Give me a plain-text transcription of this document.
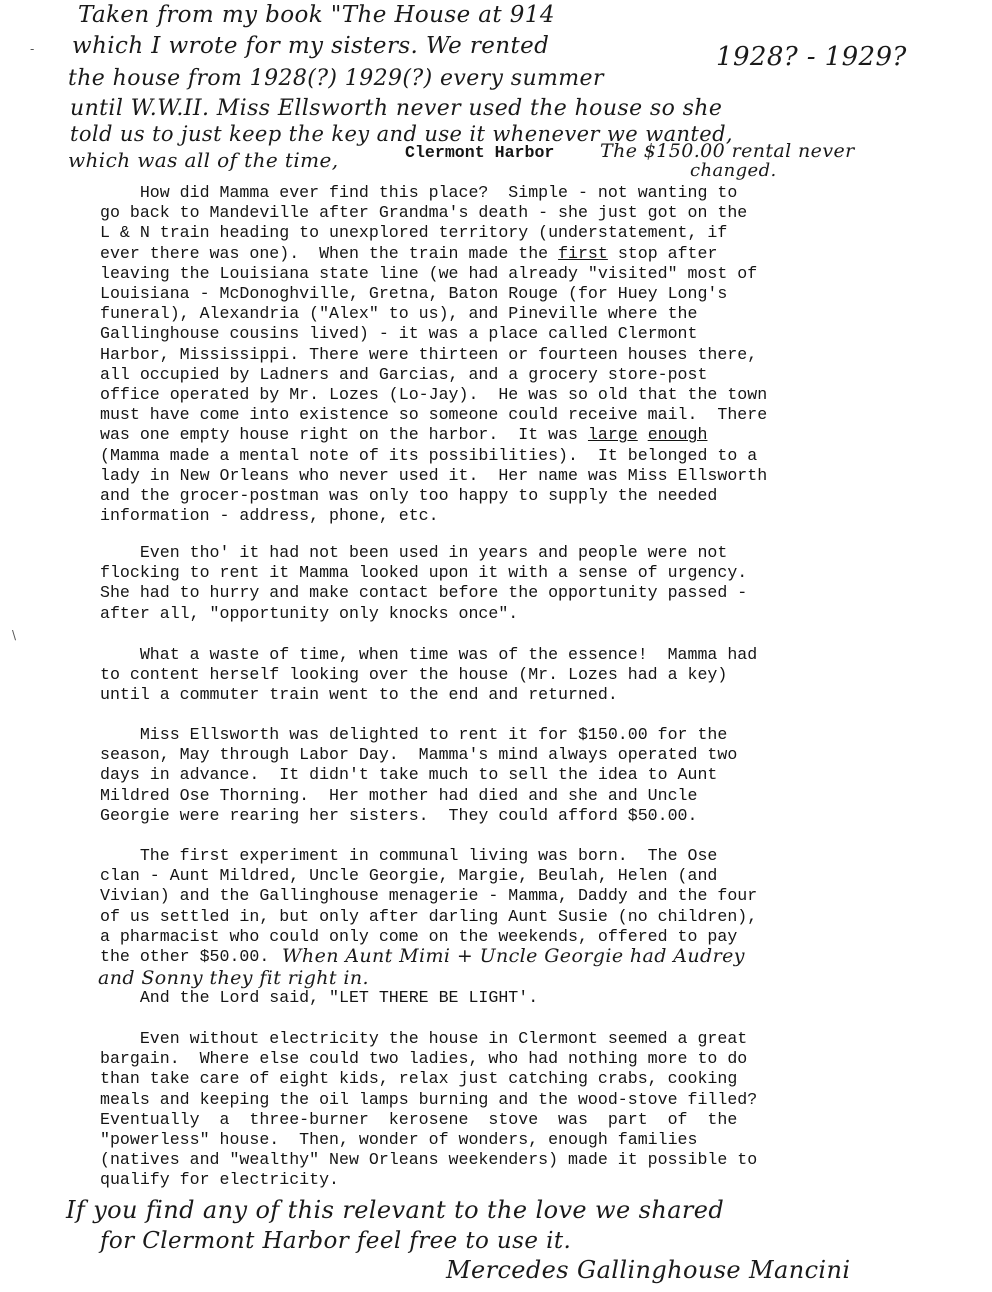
Taken from my book "The House at 914

which I wrote for my sisters. We rented	1928? - 1929?

the house from 1928(?) 1929(?) every summer

until W.W.II. Miss Ellsworth never used the house so she

told us to just keep the key and use it whenever we wanted,

which was all of the time,	The $150.00 rental never

changed.

-
\
Clermont Harbor
How did Mamma ever find this place?  Simple - not wanting to
go back to Mandeville after Grandma's death - she just got on the
L & N train heading to unexplored territory (understatement, if
ever there was one).  When the train made the first stop after
leaving the Louisiana state line (we had already "visited" most of
Louisiana - McDonoghville, Gretna, Baton Rouge (for Huey Long's
funeral), Alexandria ("Alex" to us), and Pineville where the
Gallinghouse cousins lived) - it was a place called Clermont
Harbor, Mississippi. There were thirteen or fourteen houses there,
all occupied by Ladners and Garcias, and a grocery store-post
office operated by Mr. Lozes (Lo-Jay).  He was so old that the town
must have come into existence so someone could receive mail.  There
was one empty house right on the harbor.  It was large enough
(Mamma made a mental note of its possibilities).  It belonged to a
lady in New Orleans who never used it.  Her name was Miss Ellsworth
and the grocer-postman was only too happy to supply the needed
information - address, phone, etc.
Even tho' it had not been used in years and people were not
flocking to rent it Mamma looked upon it with a sense of urgency.
She had to hurry and make contact before the opportunity passed -
after all, "opportunity only knocks once".
What a waste of time, when time was of the essence!  Mamma had
to content herself looking over the house (Mr. Lozes had a key)
until a commuter train went to the end and returned.
Miss Ellsworth was delighted to rent it for $150.00 for the
season, May through Labor Day.  Mamma's mind always operated two
days in advance.  It didn't take much to sell the idea to Aunt
Mildred Ose Thorning.  Her mother had died and she and Uncle
Georgie were rearing her sisters.  They could afford $50.00.
The first experiment in communal living was born.  The Ose
clan - Aunt Mildred, Uncle Georgie, Margie, Beulah, Helen (and
Vivian) and the Gallinghouse menagerie - Mamma, Daddy and the four
of us settled in, but only after darling Aunt Susie (no children),
a pharmacist who could only come on the weekends, offered to pay
the other $50.00. When Aunt Mimi + Uncle Georgie had Audrey

and Sonny they fit right in.

And the Lord said, "LET THERE BE LIGHT'.
Even without electricity the house in Clermont seemed a great
bargain.  Where else could two ladies, who had nothing more to do
than take care of eight kids, relax just catching crabs, cooking
meals and keeping the oil lamps burning and the wood-stove filled?
Eventually  a  three-burner  kerosene  stove  was  part  of  the
"powerless" house.  Then, wonder of wonders, enough families
(natives and "wealthy" New Orleans weekenders) made it possible to
qualify for electricity.

If you find any of this relevant to the love we shared

for Clermont Harbor feel free to use it.

Mercedes Gallinghouse Mancini
